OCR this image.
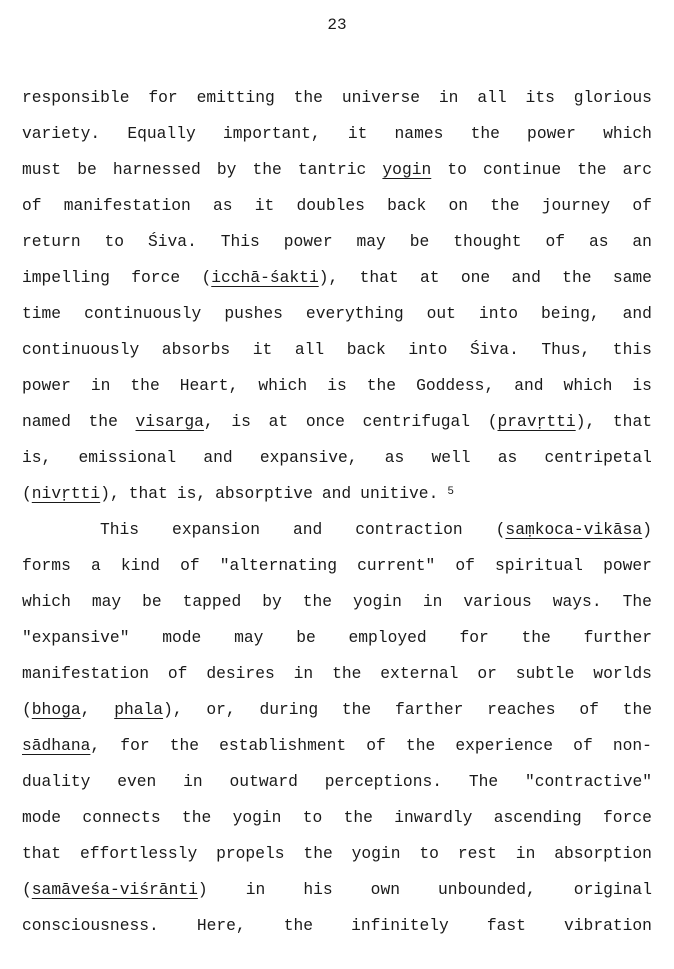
23
responsible for emitting the universe in all its glorious
variety. Equally important, it names the power which
must be harnessed by the tantric yogin to continue the arc
of manifestation as it doubles back on the journey of
return to Śiva. This power may be thought of as an
impelling force (icchā-śakti), that at one and the same
time continuously pushes everything out into being, and
continuously absorbs it all back into Śiva. Thus, this
power in the Heart, which is the Goddess, and which is
named the visarga, is at once centrifugal (pravṛtti), that
is, emissional and expansive, as well as centripetal
(nivṛtti), that is, absorptive and unitive. $^5$
This expansion and contraction (saṃkoca-vikāsa)
forms a kind of "alternating current" of spiritual power
which may be tapped by the yogin in various ways. The
"expansive" mode may be employed for the further
manifestation of desires in the external or subtle worlds
(bhoga, phala), or, during the farther reaches of the
sādhana, for the establishment of the experience of non-
duality even in outward perceptions. The "contractive"
mode connects the yogin to the inwardly ascending force
that effortlessly propels the yogin to rest in absorption
(samāveśa-viśrānti) in his own unbounded, original
consciousness. Here, the infinitely fast vibration
